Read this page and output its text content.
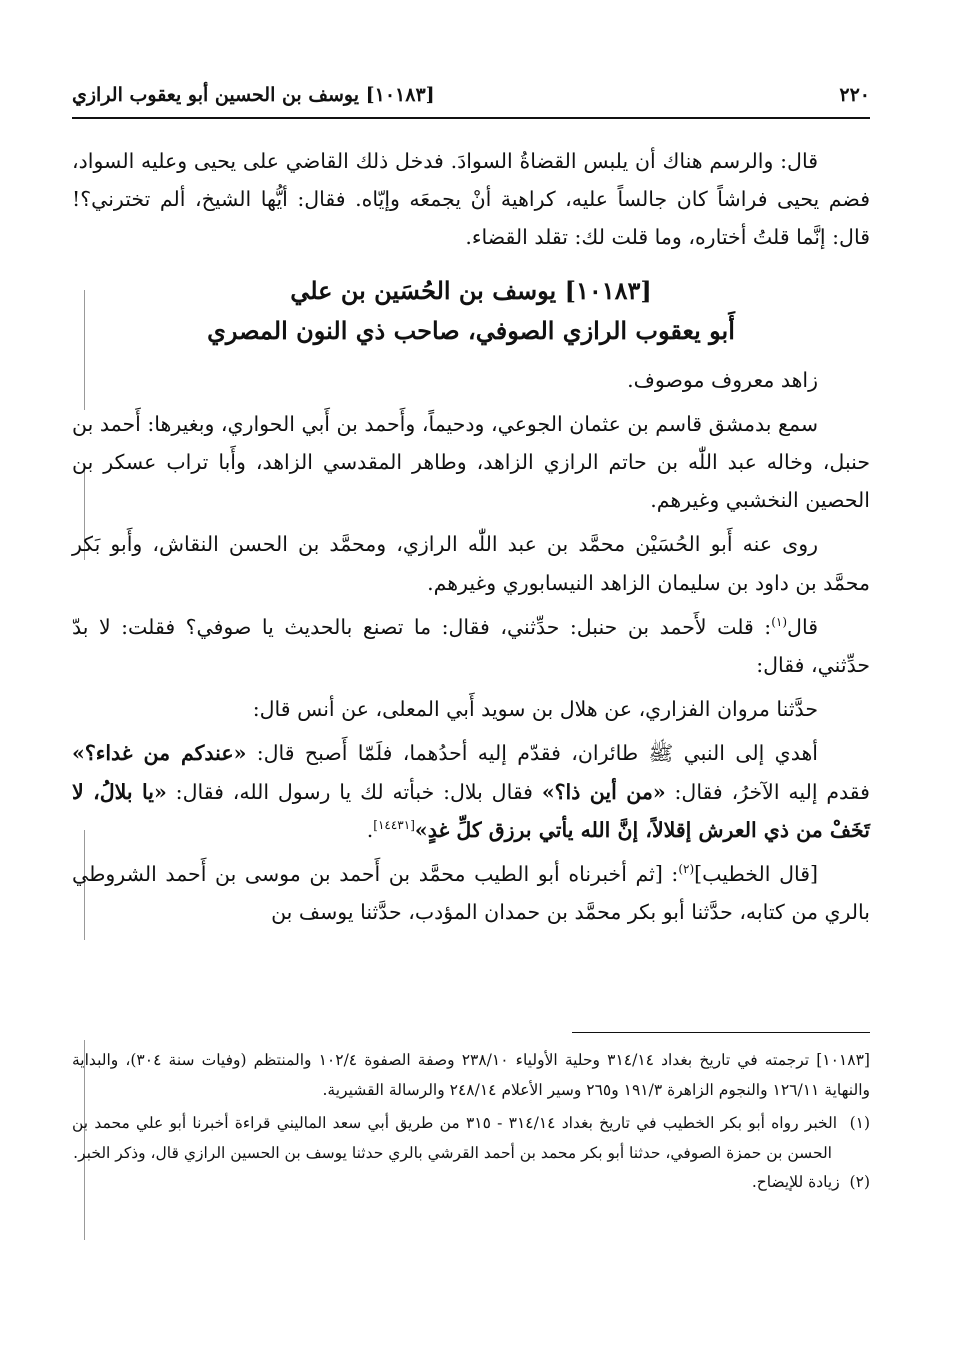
٢٢٠
[١٠١٨٣] يوسف بن الحسين أبو يعقوب الرازي

قال: والرسم هناك أن يلبس القضاةُ السوادَ. فدخل ذلك القاضي على يحيى وعليه السواد، فضم يحيى فراشاً كان جالساً عليه، كراهية أنْ يجمعَه وإيّاه. فقال: أيُّها الشيخ، ألم تخترني؟! قال: إنَّما قلتُ أختاره، وما قلت لك: تقلد القضاء.

[١٠١٨٣] يوسف بن الحُسَين بن علي
أَبو يعقوب الرازي الصوفي، صاحب ذي النون المصري

زاهد معروف موصوف.

سمع بدمشق قاسم بن عثمان الجوعي، ودحيماً، وأَحمد بن أَبي الحواري، وبغيرها: أَحمد بن حنبل، وخاله عبد اللّٰه بن حاتم الرازي الزاهد، وطاهر المقدسي الزاهد، وأَبا تراب عسكر بن الحصين النخشبي وغيرهم.

روى عنه أَبو الحُسَيْن محمَّد بن عبد اللّٰه الرازي، ومحمَّد بن الحسن النقاش، وأَبو بَكر محمَّد بن داود بن سليمان الزاهد النيسابوري وغيرهم.

قال$^{(١)}$: قلت لأَحمد بن حنبل: حدِّثني، فقال: ما تصنع بالحديث يا صوفي؟ فقلت: لا بدّ حدِّثني، فقال:

حدَّثنا مروان الفزاري، عن هلال بن سويد أَبي المعلى، عن أنس قال:

أهدي إلى النبي ﷺ طائران، فقدّم إليه أحدُهما، فلَمّا أَصبح قال: «عندكم من غداء؟» فقدم إليه الآخرُ، فقال: «من أين ذا؟» فقال بلال: خبأته لك يا رسول الله، فقال: «يا بلالُ، لا تَخَفْ من ذي العرش إقلالاً، إنَّ الله يأتي برزق كلِّ غدٍ»[١٤٤٣١].

[قال الخطيب]$^{(٢)}$: [ثم أخبرناه أبو الطيب محمَّد بن أَحمد بن موسى بن أَحمد الشروطي بالري من كتابه، حدَّثنا أبو بكر محمَّد بن حمدان المؤدب، حدَّثنا يوسف بن

[١٠١٨٣] ترجمته في تاريخ بغداد ٣١٤/١٤ وحلية الأولياء ٢٣٨/١٠ وصفة الصفوة ١٠٢/٤ والمنتظم (وفيات سنة ٣٠٤)، والبداية والنهاية ١٢٦/١١ والنجوم الزاهرة ١٩١/٣ و٢٦٥ وسير الأعلام ٢٤٨/١٤ والرسالة القشيرية.

(١)  الخبر رواه أبو بكر الخطيب في تاريخ بغداد ٣١٤/١٤ - ٣١٥ من طريق أبي سعد الماليني قراءة أخبرنا أبو علي محمد بن الحسن بن حمزة الصوفي، حدثنا أبو بكر محمد بن أحمد القرشي بالري حدثنا يوسف بن الحسين الرازي قال، وذكر الخبر.

(٢)  زيادة للإيضاح.
